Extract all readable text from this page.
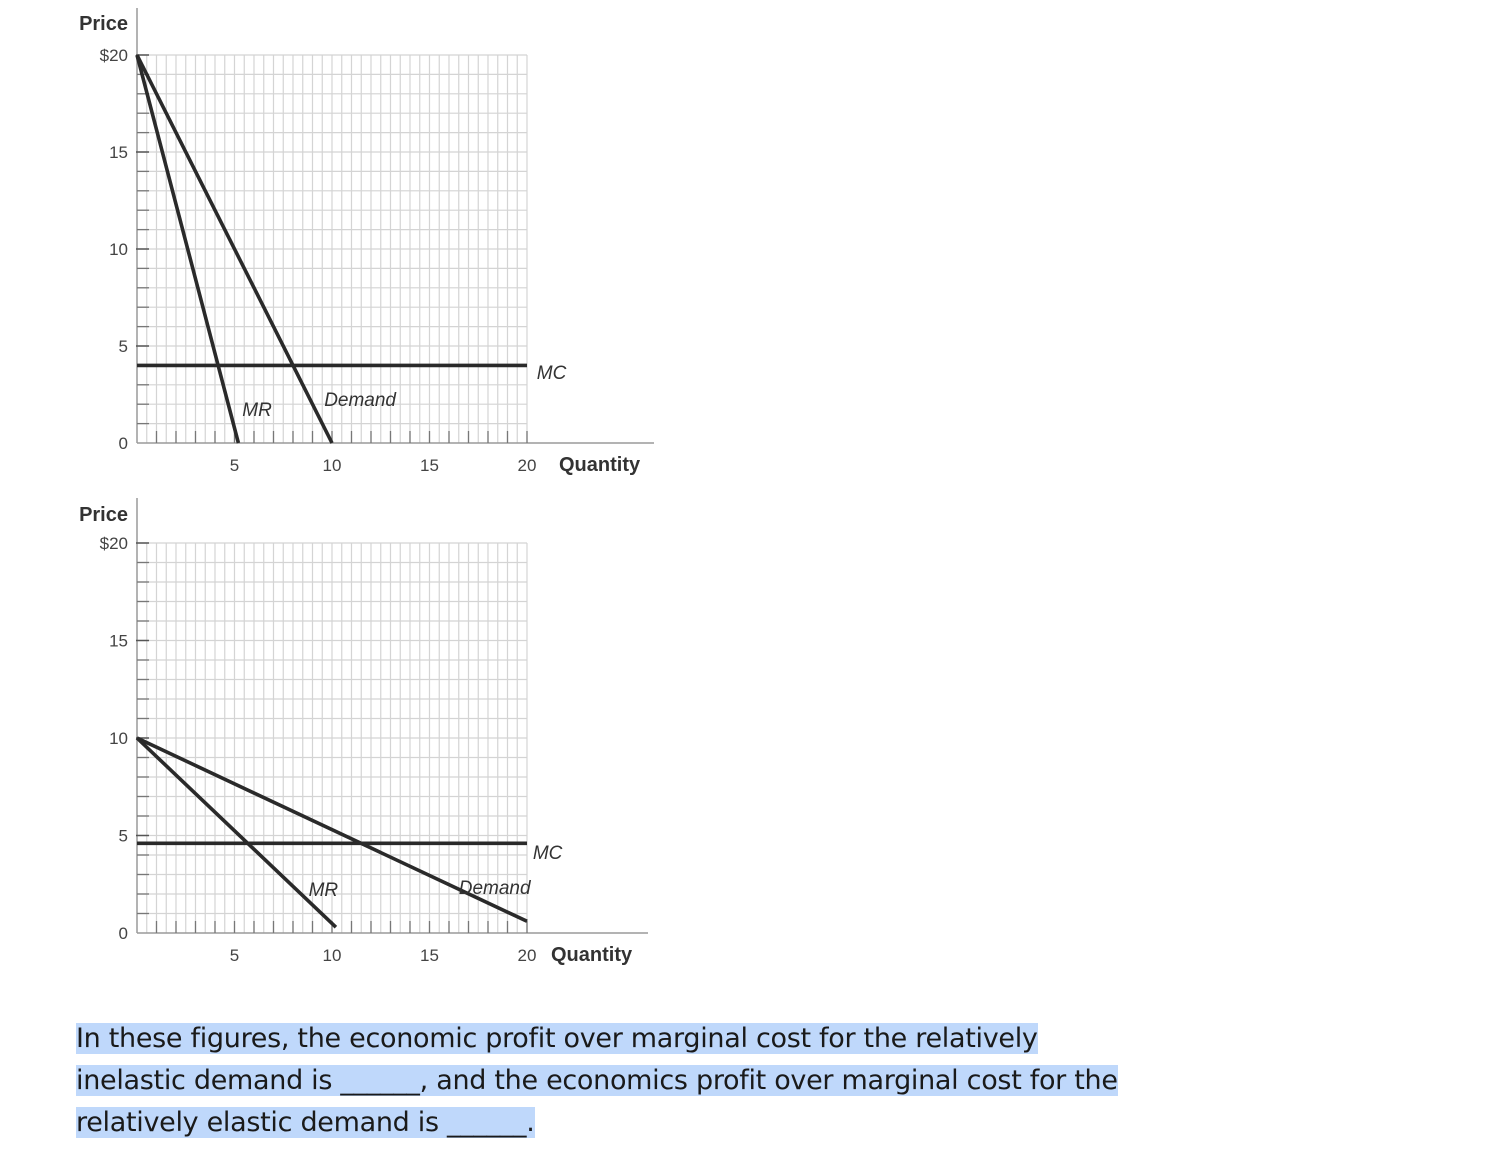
0
5
10
15
$20
5	10	15	20
Price
Quantity
MC
Demand
MR
0
5
10
15
$20
5	10	15	20
Price
Quantity
MC
Demand
MR
In these figures, the economic profit over marginal cost for the relatively inelastic demand is ______, and the economics profit over marginal cost for the relatively elastic demand is ______.
